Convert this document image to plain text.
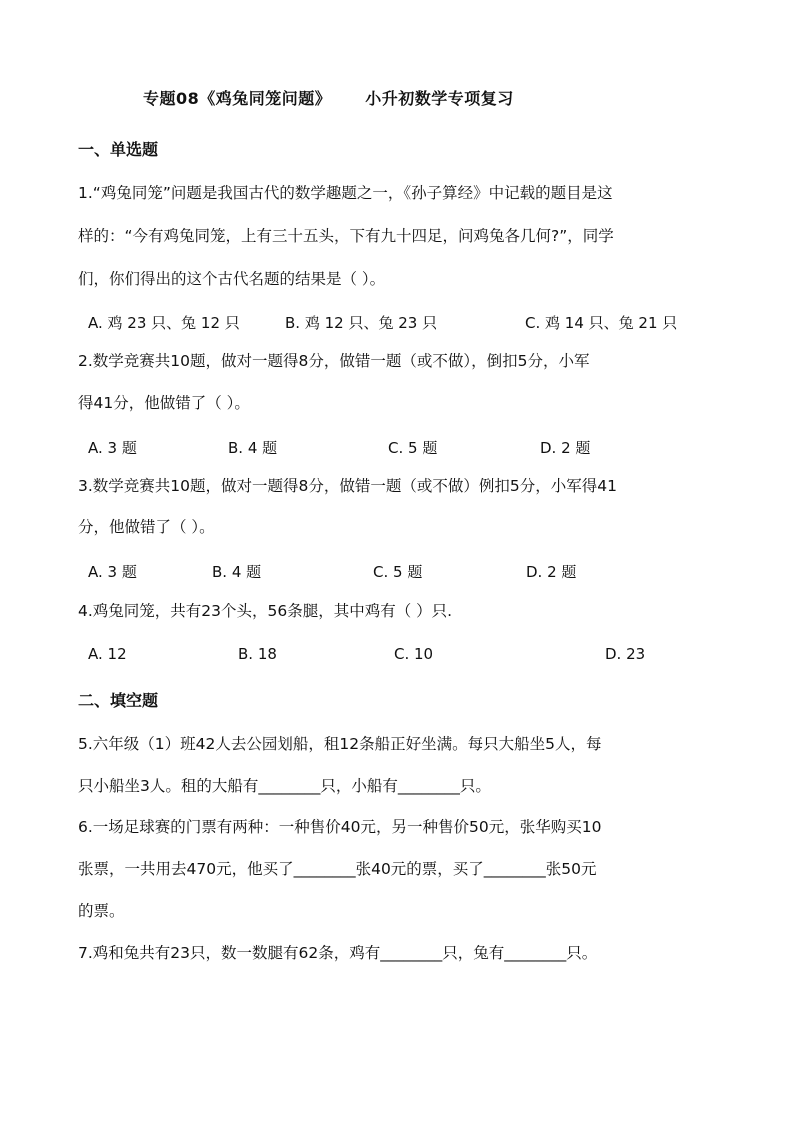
专题08《鸡兔同笼问题》 小升初数学专项复习
一、单选题
1.“鸡兔同笼”问题是我国古代的数学趣题之一，《孙子算经》中记载的题目是这
样的：“今有鸡兔同笼，上有三十五头，下有九十四足，问鸡兔各几何?”，同学
们，你们得出的这个古代名题的结果是（ ）。
A. 鸡 23 只、兔 12 只	B. 鸡 12 只、兔 23 只	C. 鸡 14 只、兔 21 只
2.数学竞赛共10题，做对一题得8分，做错一题（或不做），倒扣5分，小军
得41分，他做错了（ ）。
A. 3 题	B. 4 题	C. 5 题	D. 2 题
3.数学竞赛共10题，做对一题得8分，做错一题（或不做）例扣5分，小军得41
分，他做错了（ ）。
A. 3 题	B. 4 题	C. 5 题	D. 2 题
4.鸡兔同笼，共有23个头，56条腿，其中鸡有（ ）只.
A. 12	B. 18	C. 10	D. 23
二、填空题
5.六年级（1）班42人去公园划船，租12条船正好坐满。每只大船坐5人，每
只小船坐3人。租的大船有________只，小船有________只。
6.一场足球赛的门票有两种：一种售价40元，另一种售价50元，张华购买10
张票，一共用去470元，他买了________张40元的票，买了________张50元
的票。
7.鸡和兔共有23只，数一数腿有62条，鸡有________只，兔有________只。
